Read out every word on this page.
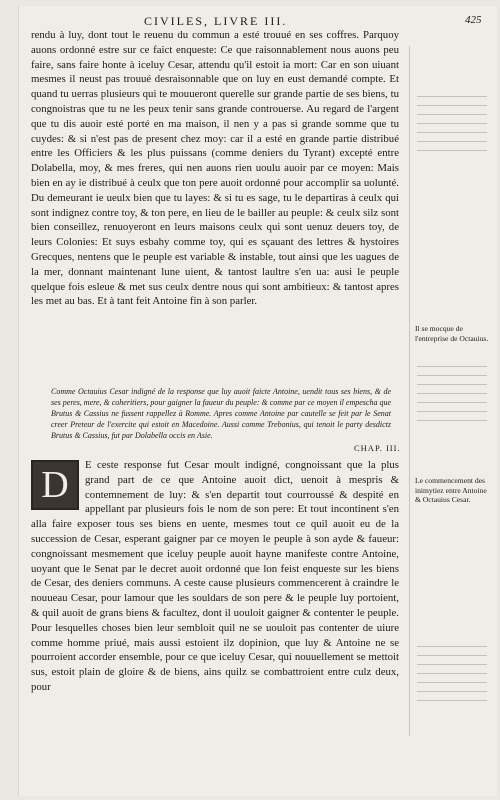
CIVILES, LIVRE III.	425

rendu à luy, dont tout le reuenu du commun a esté trouué en ses coffres. Parquoy auons ordonné estre sur ce faict enqueste: Ce que raisonnablement nous auons peu faire, sans faire honte à iceluy Cesar, attendu qu'il estoit ia mort: Car en son uiuant mesmes il neust pas trouué desraisonnable que on luy en eust demandé compte. Et quand tu uerras plusieurs qui te mouueront querelle sur grande partie de ses biens, tu congnoistras que tu ne les peux tenir sans grande controuerse. Au regard de l'argent que tu dis auoir esté porté en ma maison, il nen y a pas si grande somme que tu cuydes: & si n'est pas de present chez moy: car il a esté en grande partie distribué entre les Officiers & les plus puissans (comme deniers du Tyrant) excepté entre Dolabella, moy, & mes freres, qui nen auons rien uoulu auoir par ce moyen: Mais bien en ay ie distribué à ceulx que ton pere auoit ordonné pour accomplir sa uolunté. Du demeurant ie ueulx bien que tu layes: & si tu es sage, tu le departiras à ceulx qui sont indignez contre toy, & ton pere, en lieu de le bailler au peuple: & ceulx silz sont bien conseillez, renuoyeront en leurs maisons ceulx qui sont uenuz deuers toy, de leurs Colonies: Et suys esbahy comme toy, qui es sçauant des lettres & hystoires Grecques, nentens que le peuple est variable & instable, tout ainsi que les uagues de la mer, donnant maintenant lune uient, & tantost laultre s'en ua: ausi le peuple quelque fois esleue & met sus ceulx dentre nous qui sont ambitieux: & tantost apres les met au bas. Et à tant feit Antoine fin à son parler.

Comme Octauius Cesar indigné de la response que luy auoit faicte Antoine, uendit tous ses biens, & de ses peres, mere, & coheritiers, pour gaigner la faueur du peuple: & comme par ce moyen il empescha que Brutus & Cassius ne fussent rappellez à Romme. Apres comme Antoine par cautelle se feit par le Senat creer Preteur de l'exercite qui estoit en Macedoine. Aussi comme Trebonius, qui tenoit le party desdictz Brutus & Cassius, fut par Dolabella occis en Asie.
CHAP. III.
D	E ceste response fut Cesar moult indigné, congnoissant que la plus grand part de ce que Antoine auoit dict, uenoit à mespris & contemnement de luy: & s'en departit tout courroussé & despité en appellant par plusieurs fois le nom de son pere: Et tout incontinent s'en alla faire exposer tous ses biens en uente, mesmes tout ce quil auoit eu de la succession de Cesar, esperant gaigner par ce moyen le peuple à son ayde & faueur: congnoissant mesmement que iceluy peuple auoit hayne manifeste contre Antoine, uoyant que le Senat par le decret auoit ordonné que lon feist enqueste sur les biens de Cesar, des deniers communs. A ceste cause plusieurs commencerent à craindre le nouueau Cesar, pour lamour que les souldars de son pere & le peuple luy portoient, & quil auoit de grans biens & facultez, dont il uouloit gaigner & contenter le peuple. Pour lesquelles choses bien leur sembloit quil ne se uouloit pas contenter de uiure comme homme priué, mais aussi estoient ilz dopinion, que luy & Antoine ne se pourroient accorder ensemble, pour ce que iceluy Cesar, qui nouuellement se mettoit sus, estoit plain de gloire & de biens, ains quilz se combattroient entre culz deux, pour

Il se mocque de l'entreprise de Octauius.
Le commencement des inimytiez entre Antoine & Octauius Cesar.
